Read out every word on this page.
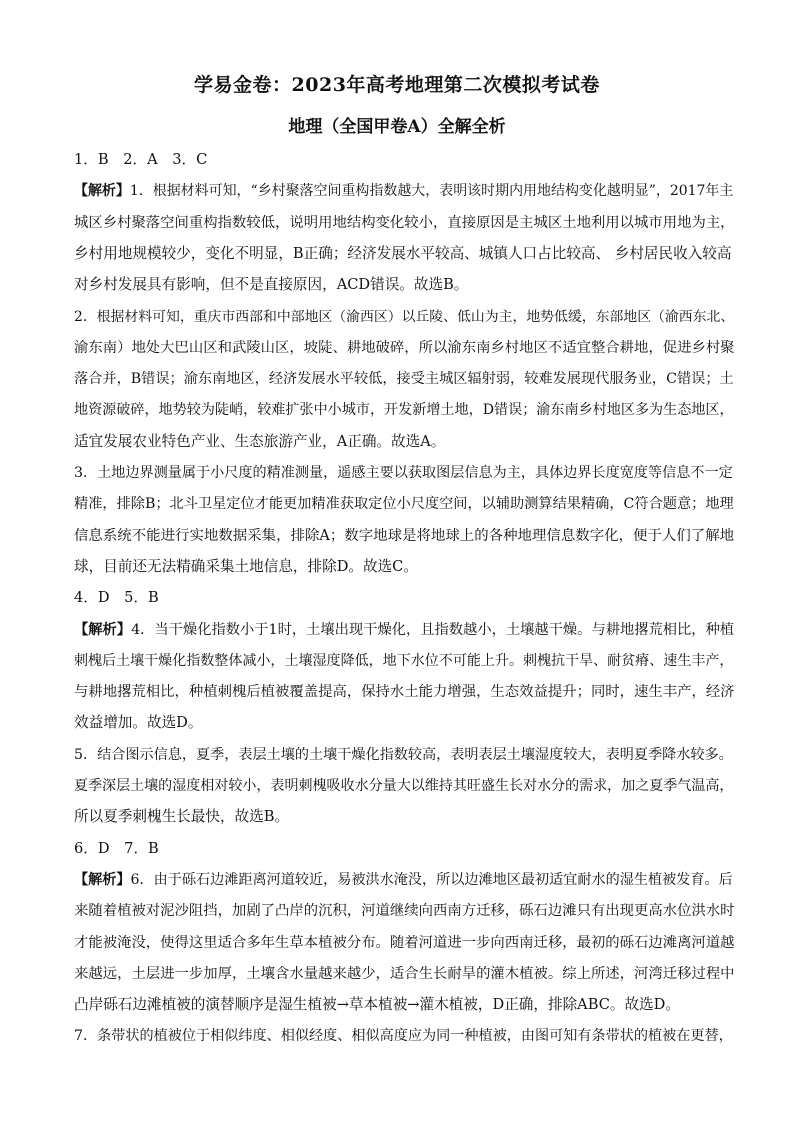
学易金卷：2023年高考地理第二次模拟考试卷
地理（全国甲卷A）全解全析
1．B　2．A　3．C
【解析】1．根据材料可知，“乡村聚落空间重构指数越大，表明该时期内用地结构变化越明显”，2017年主
城区乡村聚落空间重构指数较低，说明用地结构变化较小，直接原因是主城区土地利用以城市用地为主，
乡村用地规模较少，变化不明显，B正确；经济发展水平较高、城镇人口占比较高、 乡村居民收入较高
对乡村发展具有影响，但不是直接原因，ACD错误。故选B。
2．根据材料可知，重庆市西部和中部地区（渝西区）以丘陵、低山为主，地势低缓，东部地区（渝西东北、
渝东南）地处大巴山区和武陵山区，坡陡、耕地破碎，所以渝东南乡村地区不适宜整合耕地，促进乡村聚
落合并，B错误；渝东南地区，经济发展水平较低，接受主城区辐射弱，较难发展现代服务业，C错误；土
地资源破碎，地势较为陡峭，较难扩张中小城市，开发新增土地，D错误；渝东南乡村地区多为生态地区，
适宜发展农业特色产业、生态旅游产业，A正确。故选A。
3．土地边界测量属于小尺度的精准测量，遥感主要以获取图层信息为主，具体边界长度宽度等信息不一定
精准，排除B；北斗卫星定位才能更加精准获取定位小尺度空间，以辅助测算结果精确，C符合题意；地理
信息系统不能进行实地数据采集，排除A；数字地球是将地球上的各种地理信息数字化，便于人们了解地
球，目前还无法精确采集土地信息，排除D。故选C。
4．D　5．B
【解析】4．当干燥化指数小于1时，土壤出现干燥化，且指数越小，土壤越干燥。与耕地撂荒相比，种植
刺槐后土壤干燥化指数整体减小，土壤湿度降低，地下水位不可能上升。刺槐抗干旱、耐贫瘠、速生丰产，
与耕地撂荒相比，种植刺槐后植被覆盖提高，保持水土能力增强，生态效益提升；同时，速生丰产，经济
效益增加。故选D。
5．结合图示信息，夏季，表层土壤的土壤干燥化指数较高，表明表层土壤湿度较大，表明夏季降水较多。
夏季深层土壤的湿度相对较小，表明刺槐吸收水分量大以维持其旺盛生长对水分的需求，加之夏季气温高，
所以夏季刺槐生长最快，故选B。
6．D　7．B
【解析】6．由于砾石边滩距离河道较近，易被洪水淹没，所以边滩地区最初适宜耐水的湿生植被发育。后
来随着植被对泥沙阻挡，加剧了凸岸的沉积，河道继续向西南方迁移，砾石边滩只有出现更高水位洪水时
才能被淹没，使得这里适合多年生草本植被分布。随着河道进一步向西南迁移，最初的砾石边滩离河道越
来越远，土层进一步加厚，土壤含水量越来越少，适合生长耐旱的灌木植被。综上所述，河湾迁移过程中
凸岸砾石边滩植被的演替顺序是湿生植被→草本植被→灌木植被，D正确，排除ABC。故选D。
7．条带状的植被位于相似纬度、相似经度、相似高度应为同一种植被，由图可知有条带状的植被在更替，
